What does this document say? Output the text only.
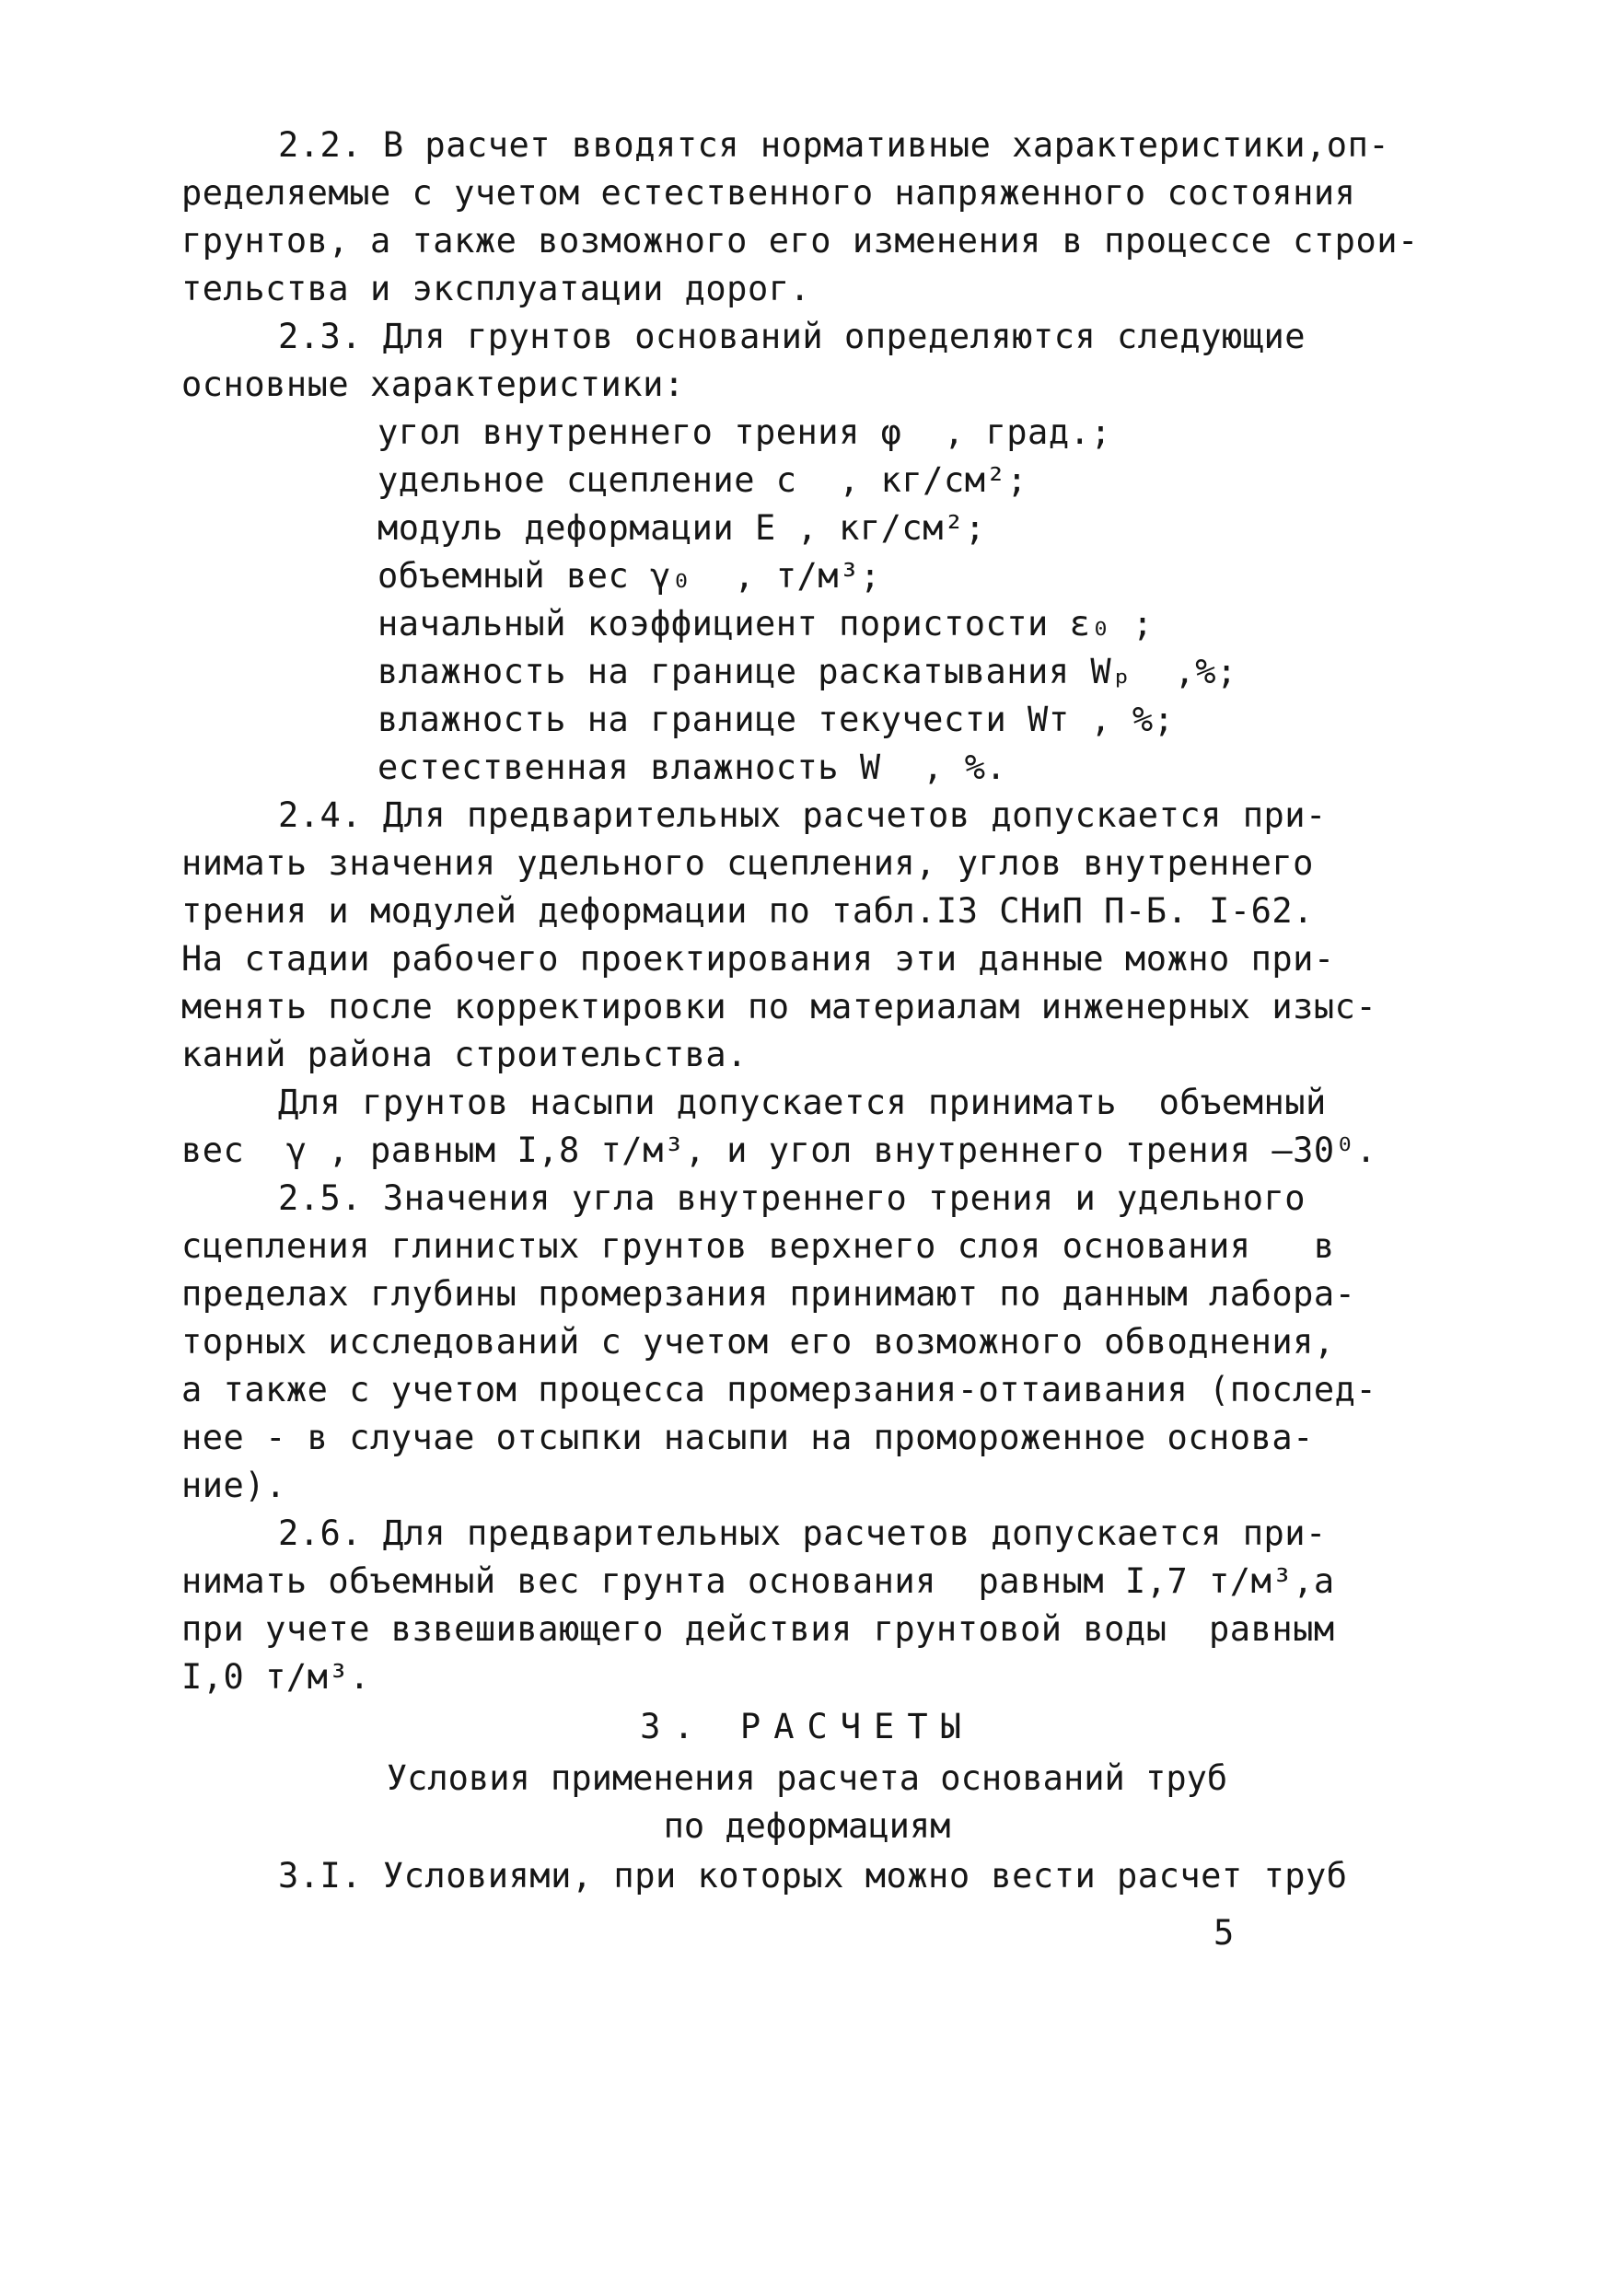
2.2. В расчет вводятся нормативные характеристики,оп-
ределяемые с учетом естественного напряженного состояния
грунтов, а также возможного его изменения в процессе строи-
тельства и эксплуатации дорог.
2.3. Для грунтов оснований определяются следующие
основные характеристики:
угол внутреннего трения φ  , град.;
удельное сцепление c  , кг/см²;
модуль деформации E , кг/см²;
объемный вес γ₀  , т/м³;
начальный коэффициент пористости ε₀ ;
влажность на границе раскатывания Wₚ  ,%;
влажность на границе текучести Wт , %;
естественная влажность W  , %.
2.4. Для предварительных расчетов допускается при-
нимать значения удельного сцепления, углов внутреннего
трения и модулей деформации по табл.I3 СНиП П-Б. I-62.
На стадии рабочего проектирования эти данные можно при-
менять после корректировки по материалам инженерных изыс-
каний района строительства.
Для грунтов насыпи допускается принимать  объемный
вес  γ , равным I,8 т/м³, и угол внутреннего трения —30⁰.
2.5. Значения угла внутреннего трения и удельного
сцепления глинистых грунтов верхнего слоя основания   в
пределах глубины промерзания принимают по данным лабора-
торных исследований с учетом его возможного обводнения,
а также с учетом процесса промерзания-оттаивания (послед-
нее - в случае отсыпки насыпи на промороженное основа-
ние).
2.6. Для предварительных расчетов допускается при-
нимать объемный вес грунта основания  равным I,7 т/м³,а
при учете взвешивающего действия грунтовой воды  равным
I,0 т/м³.
3. РАСЧЕТЫ
Условия применения расчета оснований труб
по деформациям
3.I. Условиями, при которых можно вести расчет труб
5
